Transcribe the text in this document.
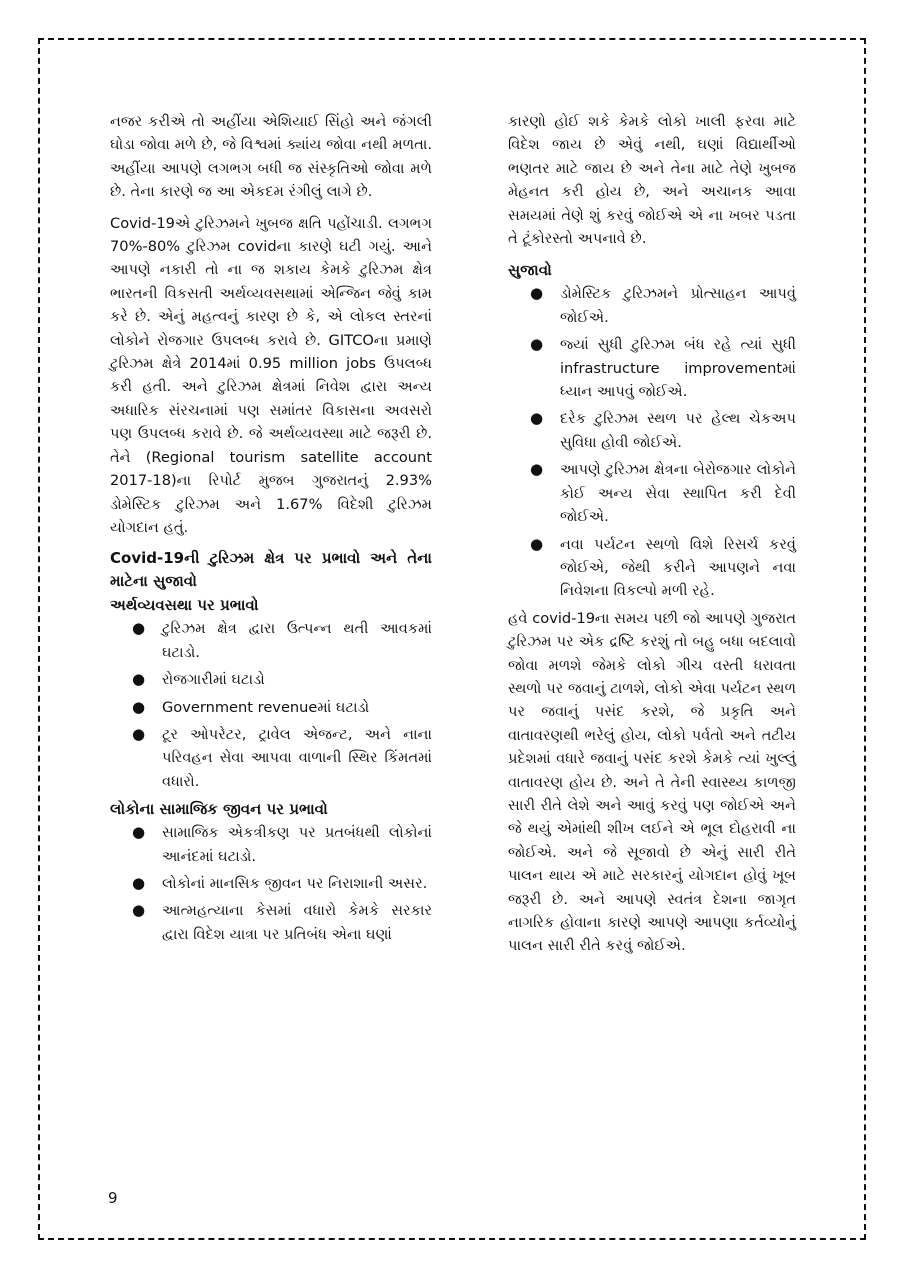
નજર કરીએ તો અહીંયા એશિયાઈ સિંહો અને જંગલી ઘોડા જોવા મળે છે, જે વિશ્વમાં ક્યાંય જોવા નથી મળતા. અહીંયા આપણે લગભગ બધી જ સંસ્કૃતિઓ જોવા મળે છે. તેના કારણે જ આ એકદમ રંગીલું લાગે છે.

Covid-19એ ટુરિઝમને ખુબજ ક્ષતિ પહોંચાડી. લગભગ 70%-80% ટુરિઝમ covidના કારણે ઘટી ગયું. આને આપણે નકારી તો ના જ શકાય કેમકે ટુરિઝમ ક્ષેત્ર ભારતની વિકસતી અર્થવ્યવસથામાં એન્જિન જેવું કામ કરે છે. એનું મહત્વનું કારણ છે કે, એ લોકલ સ્તરનાં લોકોને રોજગાર ઉપલબ્ધ કરાવે છે. GITCOના પ્રમાણે ટુરિઝમ ક્ષેત્રે 2014માં 0.95 million jobs ઉપલબ્ધ કરી હતી. અને ટુરિઝમ ક્ષેત્રમાં નિવેશ દ્વારા અન્ય અધારિક સંરચનામાં પણ સમાંતર વિકાસના અવસરો પણ ઉપલબ્ધ કરાવે છે. જે અર્થવ્યવસ્થા માટે જરૂરી છે. તેને (Regional tourism satellite account 2017-18)ના રિપોર્ટ મુજબ ગુજરાતનું 2.93% ડોમેસ્ટિક ટુરિઝમ અને 1.67% વિદેશી ટુરિઝમ યોગદાન હતું.

Covid-19ની ટુરિઝમ ક્ષેત્ર પર પ્રભાવો અને તેના માટેના સુજાવો
અર્થવ્યવસથા પર પ્રભાવો
● ટુરિઝમ ક્ષેત્ર દ્વારા ઉત્પન્ન થતી આવકમાં ઘટાડો.
● રોજગારીમાં ઘટાડો
● Government revenueમાં ઘટાડો
● ટૂર ઓપરેટર, ટ્રાવેલ એજન્ટ, અને નાના પરિવહન સેવા આપવા વાળાની સ્થિર કિંમતમાં વધારો.
લોકોના સામાજિક જીવન પર પ્રભાવો
● સામાજિક એકત્રીકણ પર પ્રતબંધથી લોકોનાં આનંદમાં ઘટાડો.
● લોકોનાં માનસિક જીવન પર નિરાશાની અસર.
● આત્મહત્યાના કેસમાં વધારો કેમકે સરકાર દ્વારા વિદેશ યાત્રા પર પ્રતિબંધ એના ઘણાં

કારણો હોઈ શકે કેમકે લોકો ખાલી ફરવા માટે વિદેશ જાય છે એવું નથી, ઘણાં વિદ્યાર્થીઓ ભણતર માટે જાય છે અને તેના માટે તેણે ખુબજ મેહનત કરી હોય છે, અને અચાનક આવા સમયમાં તેણે શું કરવું જોઈએ એ ના ખબર પડતા તે ટૂંકોરસ્તો અપનાવે છે.

સુજાવો
● ડોમેસ્ટિક ટુરિઝમને પ્રોત્સાહન આપવું જોઈએ.
● જ્યાં સુધી ટુરિઝમ બંધ રહે ત્યાં સુધી infrastructure improvementમાં ધ્યાન આપવું જોઈએ.
● દરેક ટુરિઝમ સ્થળ પર હેલ્થ ચેકઅપ સુવિધા હોવી જોઈએ.
● આપણે ટુરિઝમ ક્ષેત્રના બેરોજગાર લોકોને કોઈ અન્ય સેવા સ્થાપિત કરી દેવી જોઈએ.
● નવા પર્યટન સ્થળો વિશે રિસર્ચ કરવું જોઈએ, જેથી કરીને આપણને નવા નિવેશના વિકલ્પો મળી રહે.

હવે covid-19ના સમય પછી જો આપણે ગુજરાત ટુરિઝમ પર એક દ્રષ્ટિ કરશું તો બહુ બધા બદલાવો જોવા મળશે જેમકે લોકો ગીચ વસ્તી ધરાવતા સ્થળો પર જવાનું ટાળશે, લોકો એવા પર્યટન સ્થળ પર જવાનું પસંદ કરશે, જે પ્રકૃતિ અને વાતાવરણથી ભરેલું હોય, લોકો પર્વતો અને તટીય પ્રદેશમાં વધારે જવાનું પસંદ કરશે કેમકે ત્યાં ખુલ્લું વાતાવરણ હોય છે. અને તે તેની સ્વાસ્થ્ય કાળજી સારી રીતે લેશે અને આવું કરવું પણ જોઈએ અને જે થયું એમાંથી શીખ લઈને એ ભૂલ દોહરાવી ના જોઈએ. અને જે સૂજાવો છે એનું સારી રીતે પાલન થાય એ માટે સરકારનું યોગદાન હોવું ખૂબ જરૂરી છે. અને આપણે સ્વતંત્ર દેશના જાગૃત નાગરિક હોવાના કારણે આપણે આપણા કર્તવ્યોનું પાલન સારી રીતે કરવું જોઈએ.

9
